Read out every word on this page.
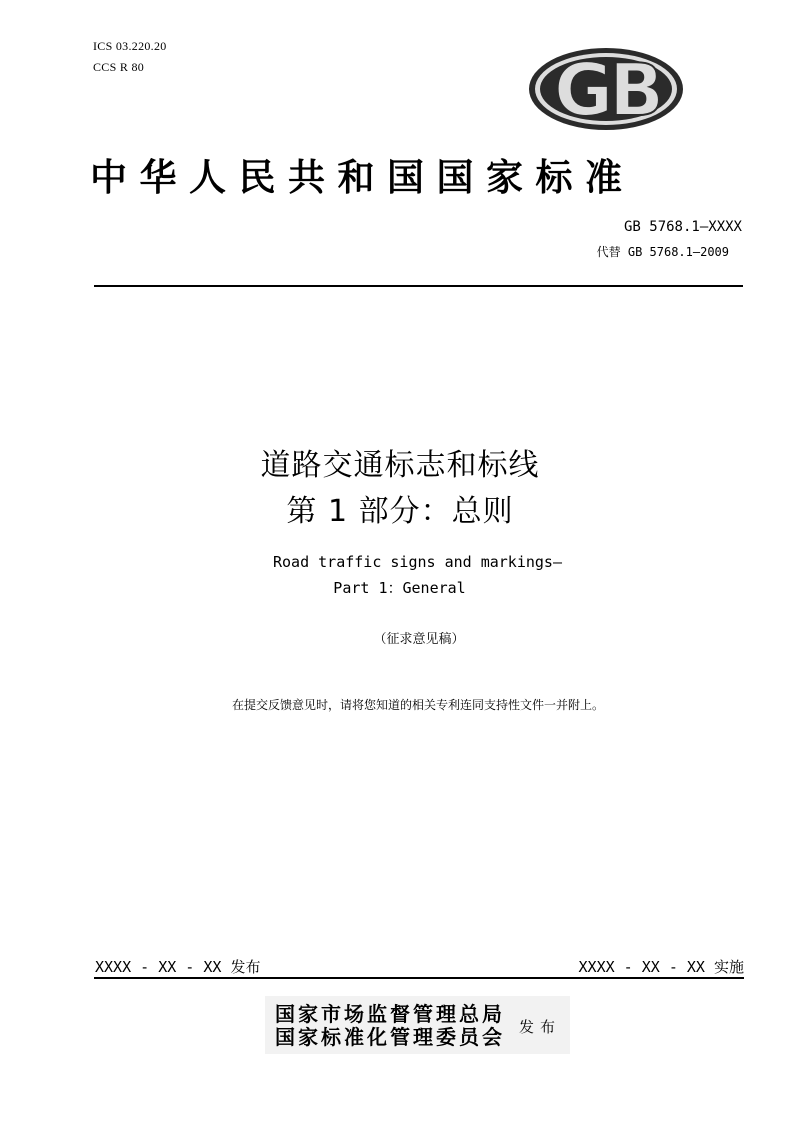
ICS 03.220.20
CCS R 80	GB
中华人民共和国国家标准
GB 5768.1—XXXX
代替 GB 5768.1—2009
道路交通标志和标线
第 1 部分：总则
Road traffic signs and markings—
Part 1：General
（征求意见稿）
在提交反馈意见时，请将您知道的相关专利连同支持性文件一并附上。
XXXX - XX - XX 发布	XXXX - XX - XX 实施
国家市场监督管理总局
国家标准化管理委员会 发布
